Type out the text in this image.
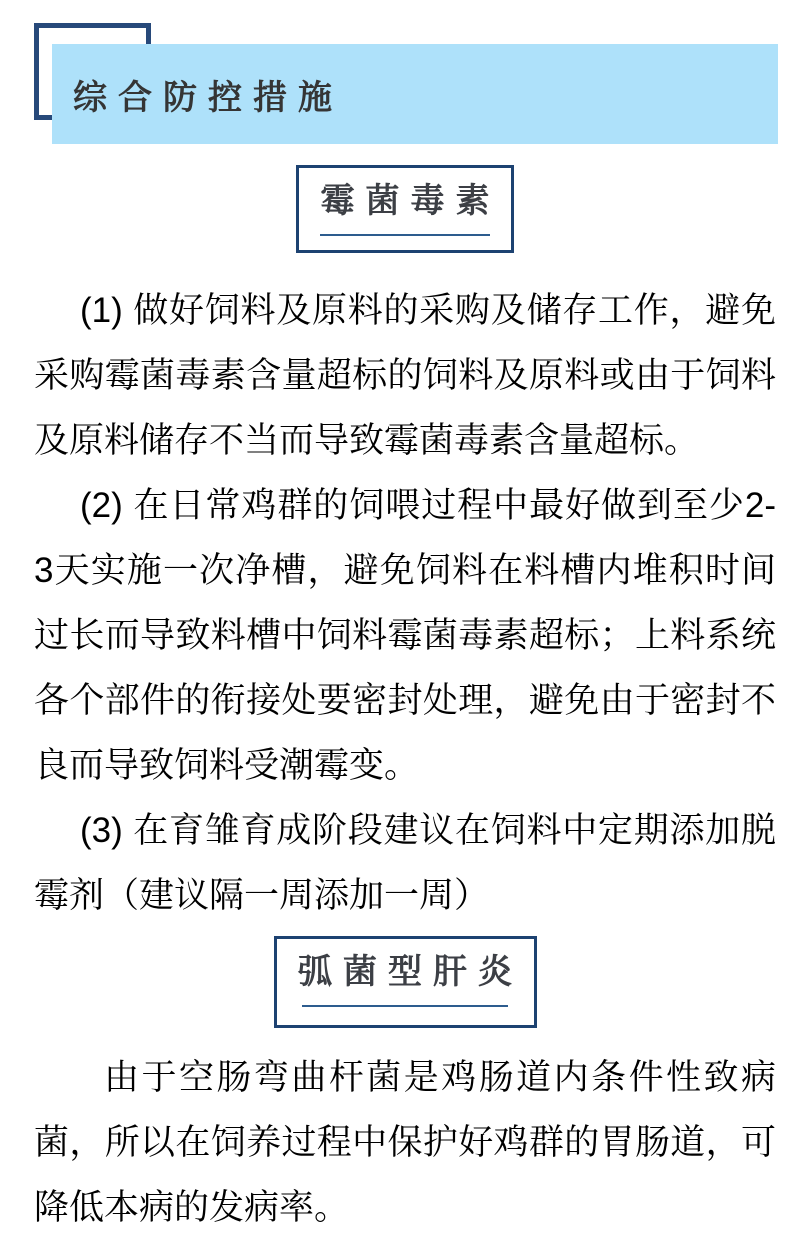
综合防控措施
霉菌毒素

(1) 做好饲料及原料的采购及储存工作，避免采购霉菌毒素含量超标的饲料及原料或由于饲料及原料储存不当而导致霉菌毒素含量超标。

(2) 在日常鸡群的饲喂过程中最好做到至少2-3天实施一次净槽，避免饲料在料槽内堆积时间过长而导致料槽中饲料霉菌毒素超标；上料系统各个部件的衔接处要密封处理，避免由于密封不良而导致饲料受潮霉变。

(3) 在育雏育成阶段建议在饲料中定期添加脱霉剂（建议隔一周添加一周）

弧菌型肝炎

由于空肠弯曲杆菌是鸡肠道内条件性致病菌，所以在饲养过程中保护好鸡群的胃肠道，可降低本病的发病率。
